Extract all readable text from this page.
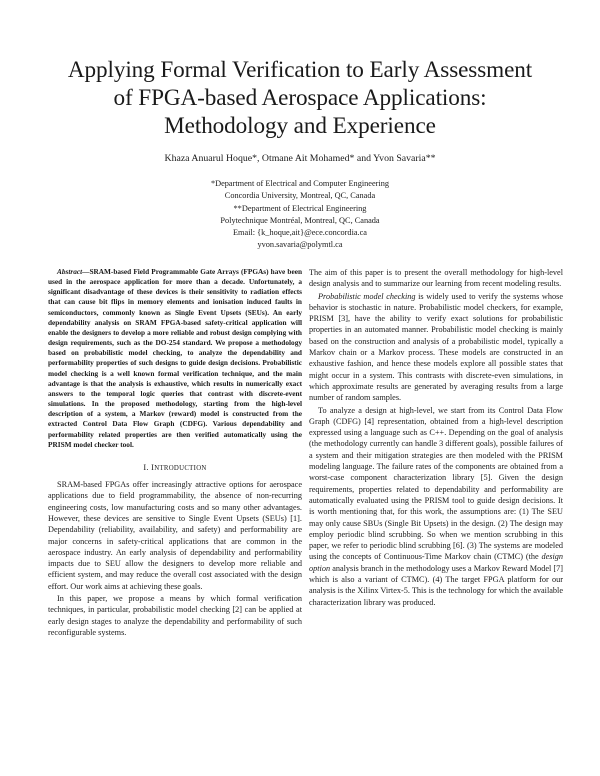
Applying Formal Verification to Early Assessment
of FPGA-based Aerospace Applications:
Methodology and Experience
Khaza Anuarul Hoque*, Otmane Ait Mohamed* and Yvon Savaria**
*Department of Electrical and Computer Engineering
Concordia University, Montreal, QC, Canada
**Department of Electrical Engineering
Polytechnique Montréal, Montreal, QC, Canada
Email: {k_hoque,ait}@ece.concordia.ca
yvon.savaria@polymtl.ca

Abstract—SRAM-based Field Programmable Gate Arrays (FPGAs) have been used in the aerospace application for more than a decade. Unfortunately, a significant disadvantage of these devices is their sensitivity to radiation effects that can cause bit flips in memory elements and ionisation induced faults in semiconductors, commonly known as Single Event Upsets (SEUs). An early dependability analysis on SRAM FPGA-based safety-critical application will enable the designers to develop a more reliable and robust design complying with design requirements, such as the DO-254 standard. We propose a methodology based on probabilistic model checking, to analyze the dependability and performability properties of such designs to guide design decisions. Probabilistic model checking is a well known formal verification technique, and the main advantage is that the analysis is exhaustive, which results in numerically exact answers to the temporal logic queries that contrast with discrete-event simulations. In the proposed methodology, starting from the high-level description of a system, a Markov (reward) model is constructed from the extracted Control Data Flow Graph (CDFG). Various dependability and performability related properties are then verified automatically using the PRISM model checker tool.

I. INTRODUCTION

SRAM-based FPGAs offer increasingly attractive options for aerospace applications due to field programmability, the absence of non-recurring engineering costs, low manufacturing costs and so many other advantages. However, these devices are sensitive to Single Event Upsets (SEUs) [1]. Dependability (reliability, availability, and safety) and performability are major concerns in safety-critical applications that are common in the aerospace industry. An early analysis of dependability and performability impacts due to SEU allow the designers to develop more reliable and efficient system, and may reduce the overall cost associated with the design effort. Our work aims at achieving these goals.

In this paper, we propose a means by which formal verification techniques, in particular, probabilistic model checking [2] can be applied at early design stages to analyze the dependability and performability of such reconfigurable systems.

The aim of this paper is to present the overall methodology for high-level design analysis and to summarize our learning from recent modeling results.

Probabilistic model checking is widely used to verify the systems whose behavior is stochastic in nature. Probabilistic model checkers, for example, PRISM [3], have the ability to verify exact solutions for probabilistic properties in an automated manner. Probabilistic model checking is mainly based on the construction and analysis of a probabilistic model, typically a Markov chain or a Markov process. These models are constructed in an exhaustive fashion, and hence these models explore all possible states that might occur in a system. This contrasts with discrete-even simulations, in which approximate results are generated by averaging results from a large number of random samples.

To analyze a design at high-level, we start from its Control Data Flow Graph (CDFG) [4] representation, obtained from a high-level description expressed using a language such as C++. Depending on the goal of analysis (the methodology currently can handle 3 different goals), possible failures of a system and their mitigation strategies are then modeled with the PRISM modeling language. The failure rates of the components are obtained from a worst-case component characterization library [5]. Given the design requirements, properties related to dependability and performability are automatically evaluated using the PRISM tool to guide design decisions. It is worth mentioning that, for this work, the assumptions are: (1) The SEU may only cause SBUs (Single Bit Upsets) in the design. (2) The design may employ periodic blind scrubbing. So when we mention scrubbing in this paper, we refer to periodic blind scrubbing [6]. (3) The systems are modeled using the concepts of Continuous-Time Markov chain (CTMC) (the design option analysis branch in the methodology uses a Markov Reward Model [7] which is also a variant of CTMC). (4) The target FPGA platform for our analysis is the Xilinx Virtex-5. This is the technology for which the available characterization library was produced.
